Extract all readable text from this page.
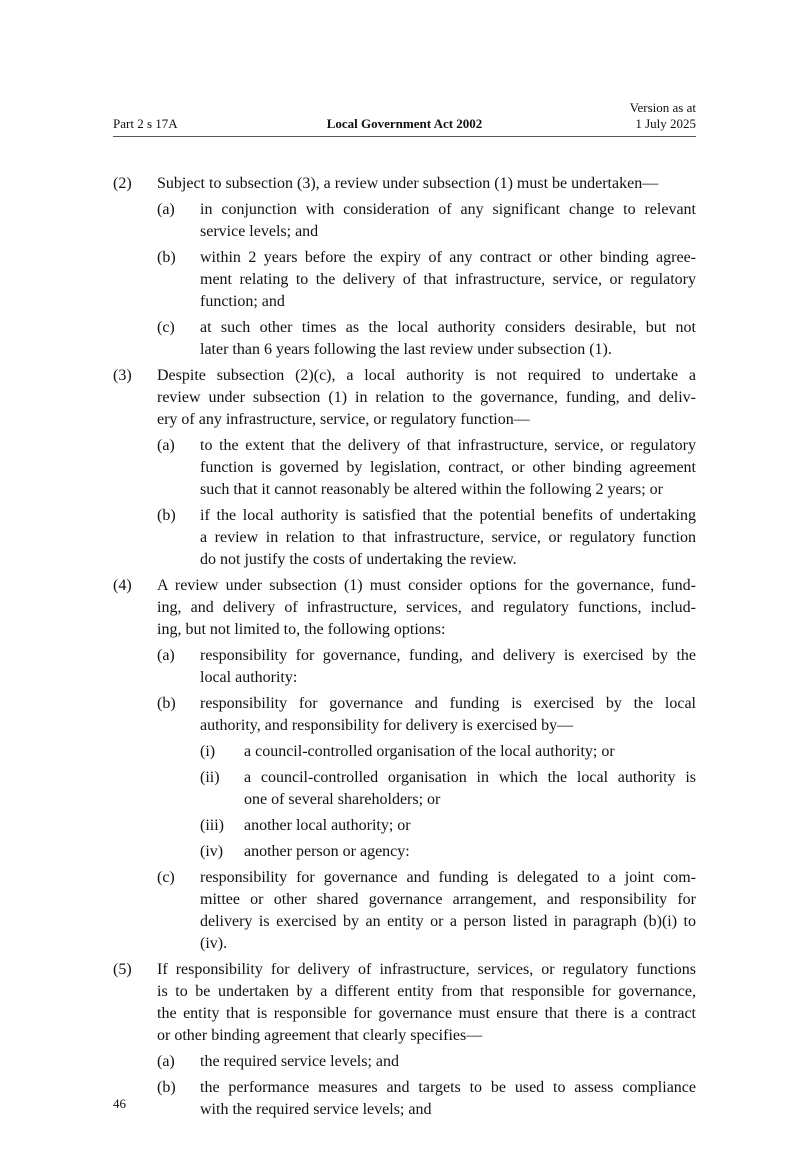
Part 2 s 17A	Local Government Act 2002
Version as at
1 July 2025
(2) Subject to subsection (3), a review under subsection (1) must be undertaken—
(a) in conjunction with consideration of any significant change to relevant
service levels; and
(b) within 2 years before the expiry of any contract or other binding agree-
ment relating to the delivery of that infrastructure, service, or regulatory
function; and
(c) at such other times as the local authority considers desirable, but not
later than 6 years following the last review under subsection (1).
(3) Despite subsection (2)(c), a local authority is not required to undertake a
review under subsection (1) in relation to the governance, funding, and deliv-
ery of any infrastructure, service, or regulatory function—
(a) to the extent that the delivery of that infrastructure, service, or regulatory
function is governed by legislation, contract, or other binding agreement
such that it cannot reasonably be altered within the following 2 years; or
(b) if the local authority is satisfied that the potential benefits of undertaking
a review in relation to that infrastructure, service, or regulatory function
do not justify the costs of undertaking the review.
(4) A review under subsection (1) must consider options for the governance, fund-
ing, and delivery of infrastructure, services, and regulatory functions, includ-
ing, but not limited to, the following options:
(a) responsibility for governance, funding, and delivery is exercised by the
local authority:
(b) responsibility for governance and funding is exercised by the local
authority, and responsibility for delivery is exercised by—
(i) a council-controlled organisation of the local authority; or
(ii) a council-controlled organisation in which the local authority is
one of several shareholders; or
(iii) another local authority; or
(iv) another person or agency:
(c) responsibility for governance and funding is delegated to a joint com-
mittee or other shared governance arrangement, and responsibility for
delivery is exercised by an entity or a person listed in paragraph (b)(i) to
(iv).
(5) If responsibility for delivery of infrastructure, services, or regulatory functions
is to be undertaken by a different entity from that responsible for governance,
the entity that is responsible for governance must ensure that there is a contract
or other binding agreement that clearly specifies—
(a) the required service levels; and
(b) the performance measures and targets to be used to assess compliance
with the required service levels; and
46
